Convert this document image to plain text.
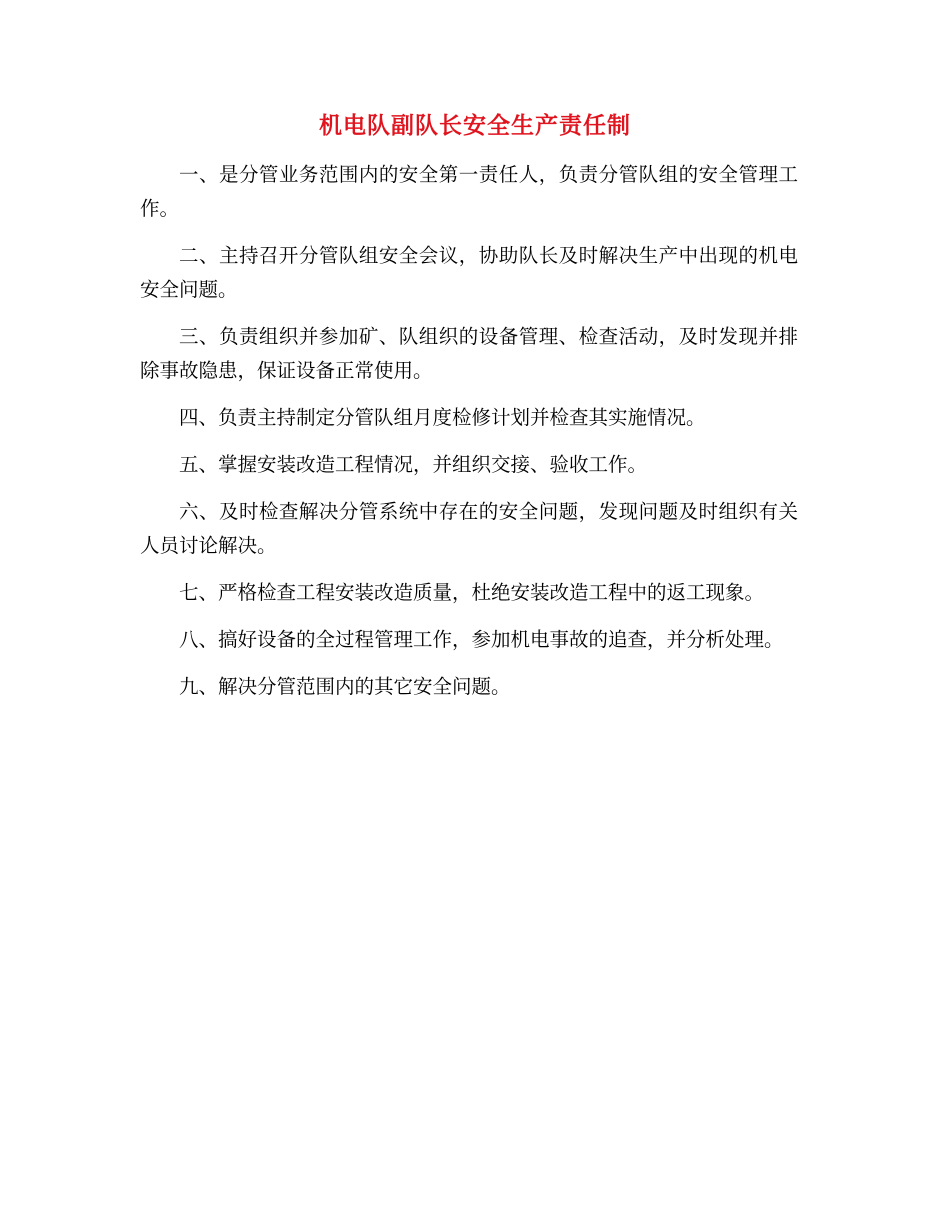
机电队副队长安全生产责任制

一、是分管业务范围内的安全第一责任人，负责分管队组的安全管理工作。

二、主持召开分管队组安全会议，协助队长及时解决生产中出现的机电安全问题。

三、负责组织并参加矿、队组织的设备管理、检查活动，及时发现并排除事故隐患，保证设备正常使用。

四、负责主持制定分管队组月度检修计划并检查其实施情况。

五、掌握安装改造工程情况，并组织交接、验收工作。

六、及时检查解决分管系统中存在的安全问题，发现问题及时组织有关人员讨论解决。

七、严格检查工程安装改造质量，杜绝安装改造工程中的返工现象。

八、搞好设备的全过程管理工作，参加机电事故的追查，并分析处理。

九、解决分管范围内的其它安全问题。
